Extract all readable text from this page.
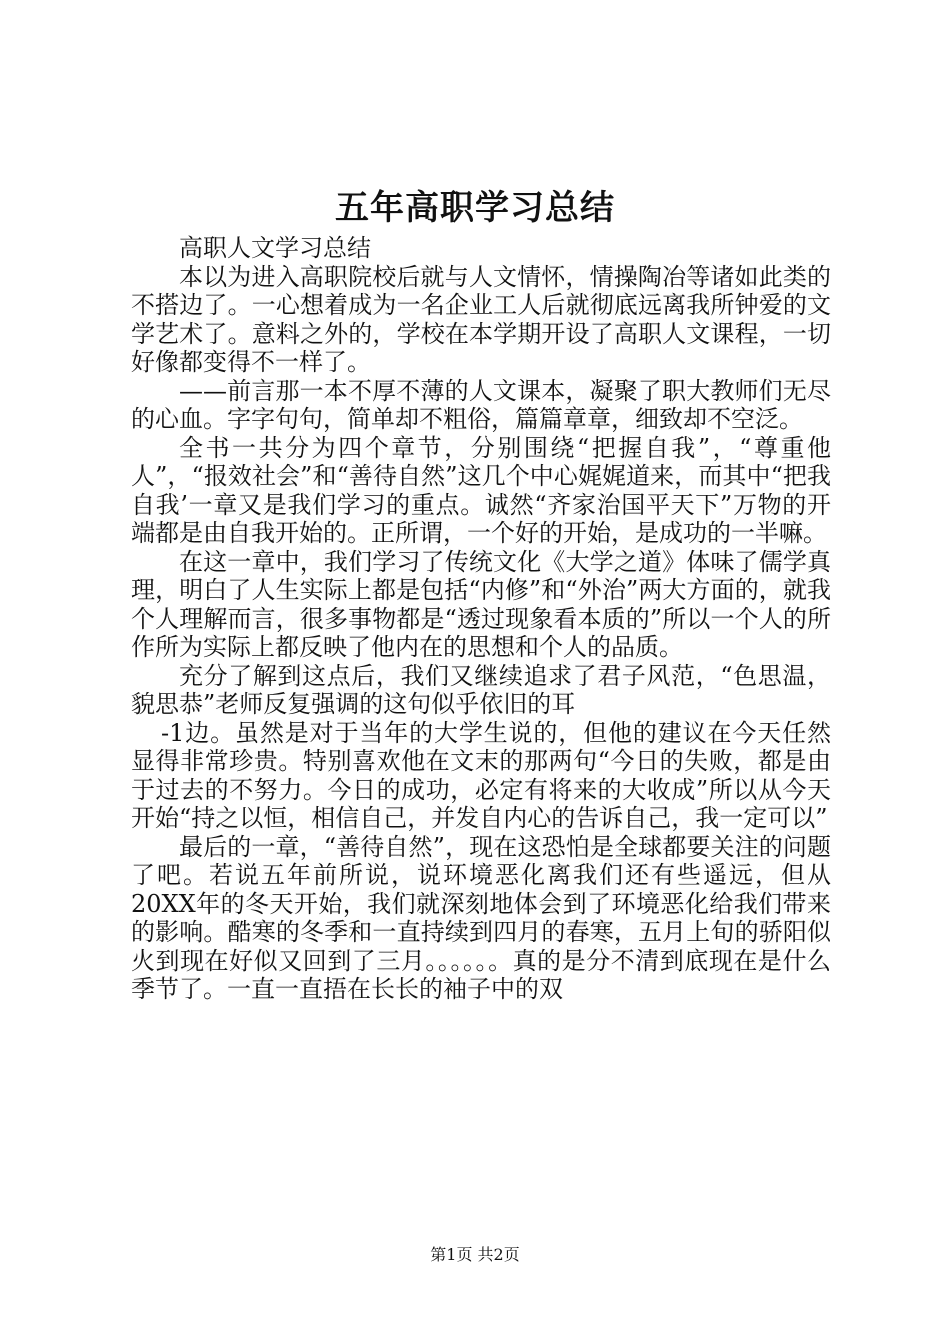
五年高职学习总结

高职人文学习总结

本以为进入高职院校后就与人文情怀，情操陶冶等诸如此类的不搭边了。一心想着成为一名企业工人后就彻底远离我所钟爱的文学艺术了。意料之外的，学校在本学期开设了高职人文课程，一切好像都变得不一样了。

——前言那一本不厚不薄的人文课本，凝聚了职大教师们无尽的心血。字字句句，简单却不粗俗，篇篇章章，细致却不空泛。

全书一共分为四个章节，分别围绕“把握自我”，“尊重他人”，“报效社会”和“善待自然”这几个中心娓娓道来，而其中“把我自我’一章又是我们学习的重点。诚然“齐家治国平天下”万物的开端都是由自我开始的。正所谓，一个好的开始，是成功的一半嘛。

在这一章中，我们学习了传统文化《大学之道》体味了儒学真理，明白了人生实际上都是包括“内修”和“外治”两大方面的，就我个人理解而言，很多事物都是“透过现象看本质的”所以一个人的所作所为实际上都反映了他内在的思想和个人的品质。

充分了解到这点后，我们又继续追求了君子风范，“色思温，貌思恭”老师反复强调的这句似乎依旧的耳

-1边。虽然是对于当年的大学生说的，但他的建议在今天任然显得非常珍贵。特别喜欢他在文末的那两句“今日的失败，都是由于过去的不努力。今日的成功，必定有将来的大收成”所以从今天开始“持之以恒，相信自己，并发自内心的告诉自己，我一定可以”

最后的一章，“善待自然”，现在这恐怕是全球都要关注的问题了吧。若说五年前所说，说环境恶化离我们还有些遥远，但从20XX年的冬天开始，我们就深刻地体会到了环境恶化给我们带来的影响。酷寒的冬季和一直持续到四月的春寒，五月上旬的骄阳似火到现在好似又回到了三月。。。。。。真的是分不清到底现在是什么季节了。一直一直捂在长长的袖子中的双

第1页 共2页
